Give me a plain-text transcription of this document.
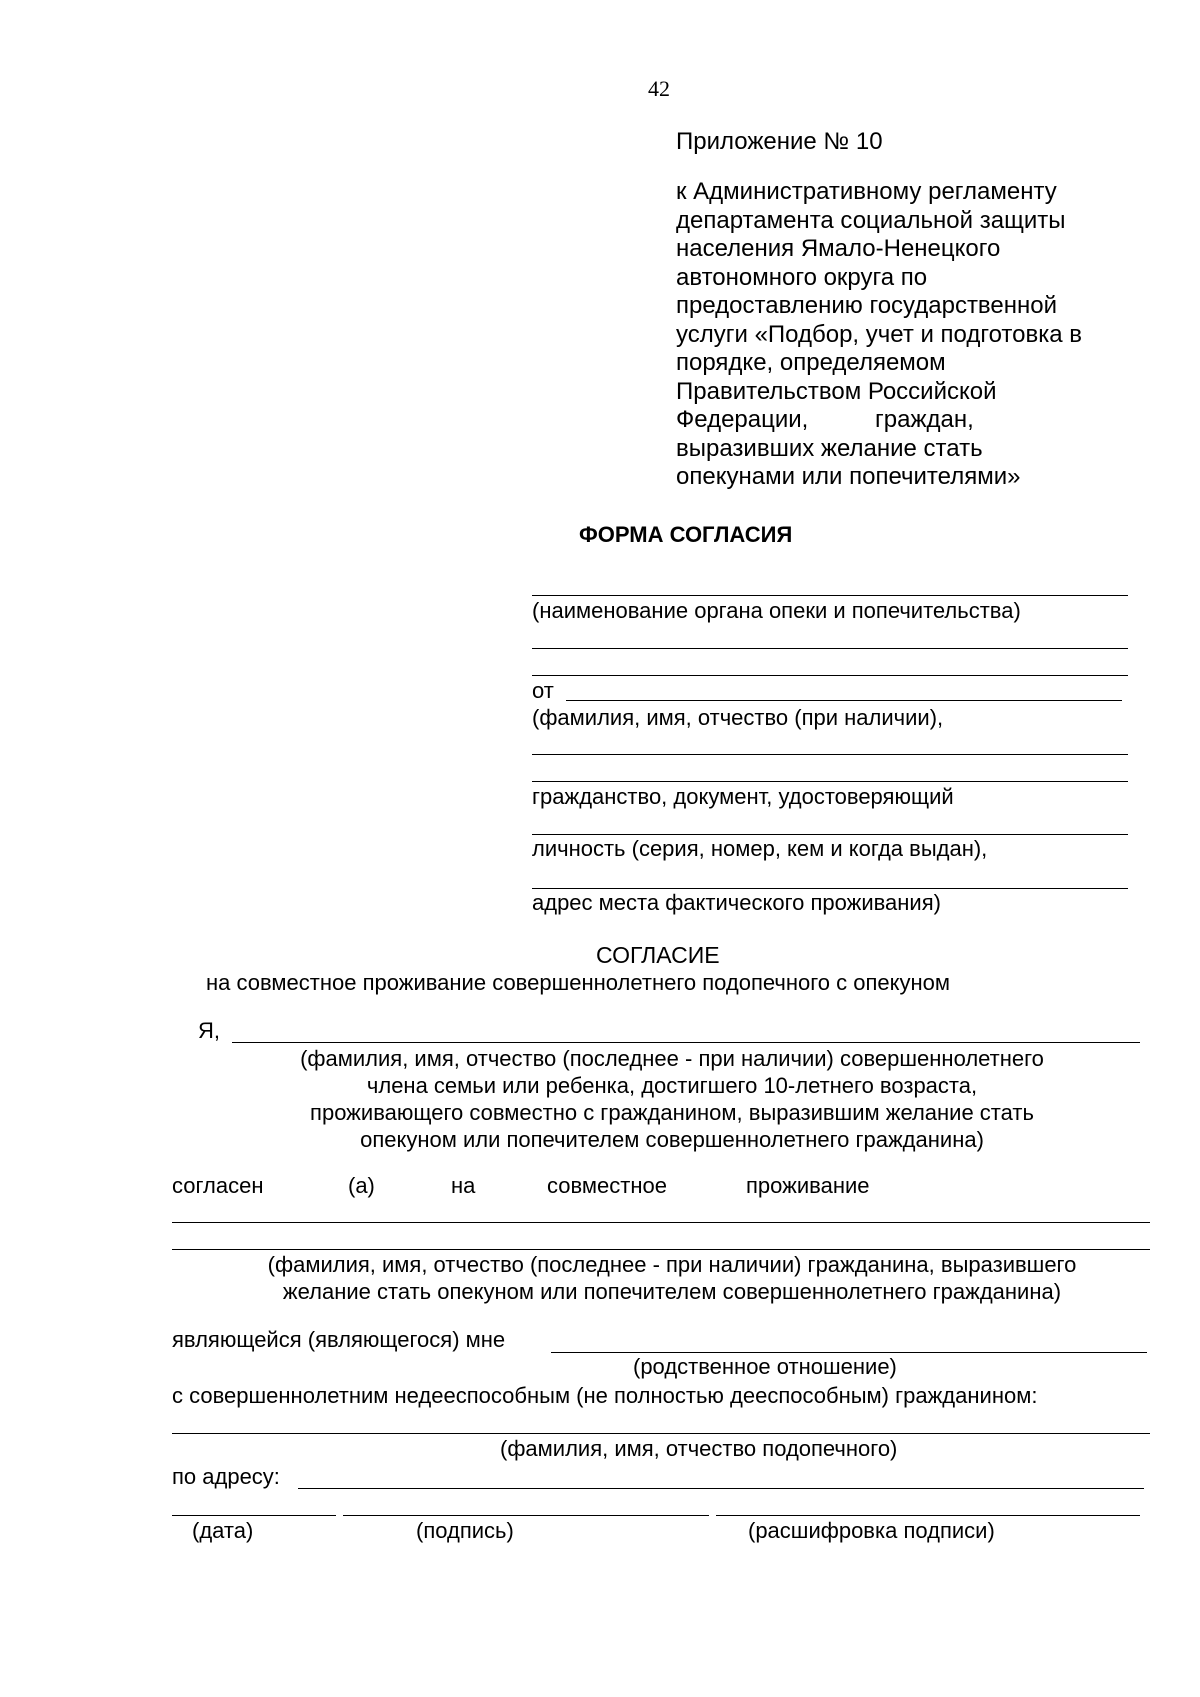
42
Приложение № 10
к Административному регламенту
департамента социальной защиты
населения Ямало-Ненецкого
автономного округа по
предоставлению государственной
услуги «Подбор, учет и подготовка в
порядке, определяемом
Правительством Российской
Федерации,          граждан,
выразивших желание стать
опекунами или попечителями»
ФОРМА СОГЛАСИЯ
(наименование органа опеки и попечительства)
от
(фамилия, имя, отчество (при наличии),
гражданство, документ, удостоверяющий
личность (серия, номер, кем и когда выдан),
адрес места фактического проживания)
СОГЛАСИЕ
на совместное проживание совершеннолетнего подопечного с опекуном
Я,
(фамилия, имя, отчество (последнее - при наличии) совершеннолетнего
члена семьи или ребенка, достигшего 10-летнего возраста,
проживающего совместно с гражданином, выразившим желание стать
опекуном или попечителем совершеннолетнего гражданина)
согласен	(а)	на	совместное	проживание
(фамилия, имя, отчество (последнее - при наличии) гражданина, выразившего
желание стать опекуном или попечителем совершеннолетнего гражданина)
являющейся (являющегося) мне
(родственное отношение)
с совершеннолетним недееспособным (не полностью дееспособным) гражданином:
(фамилия, имя, отчество подопечного)
по адресу:
(дата)	(подпись)	(расшифровка подписи)
